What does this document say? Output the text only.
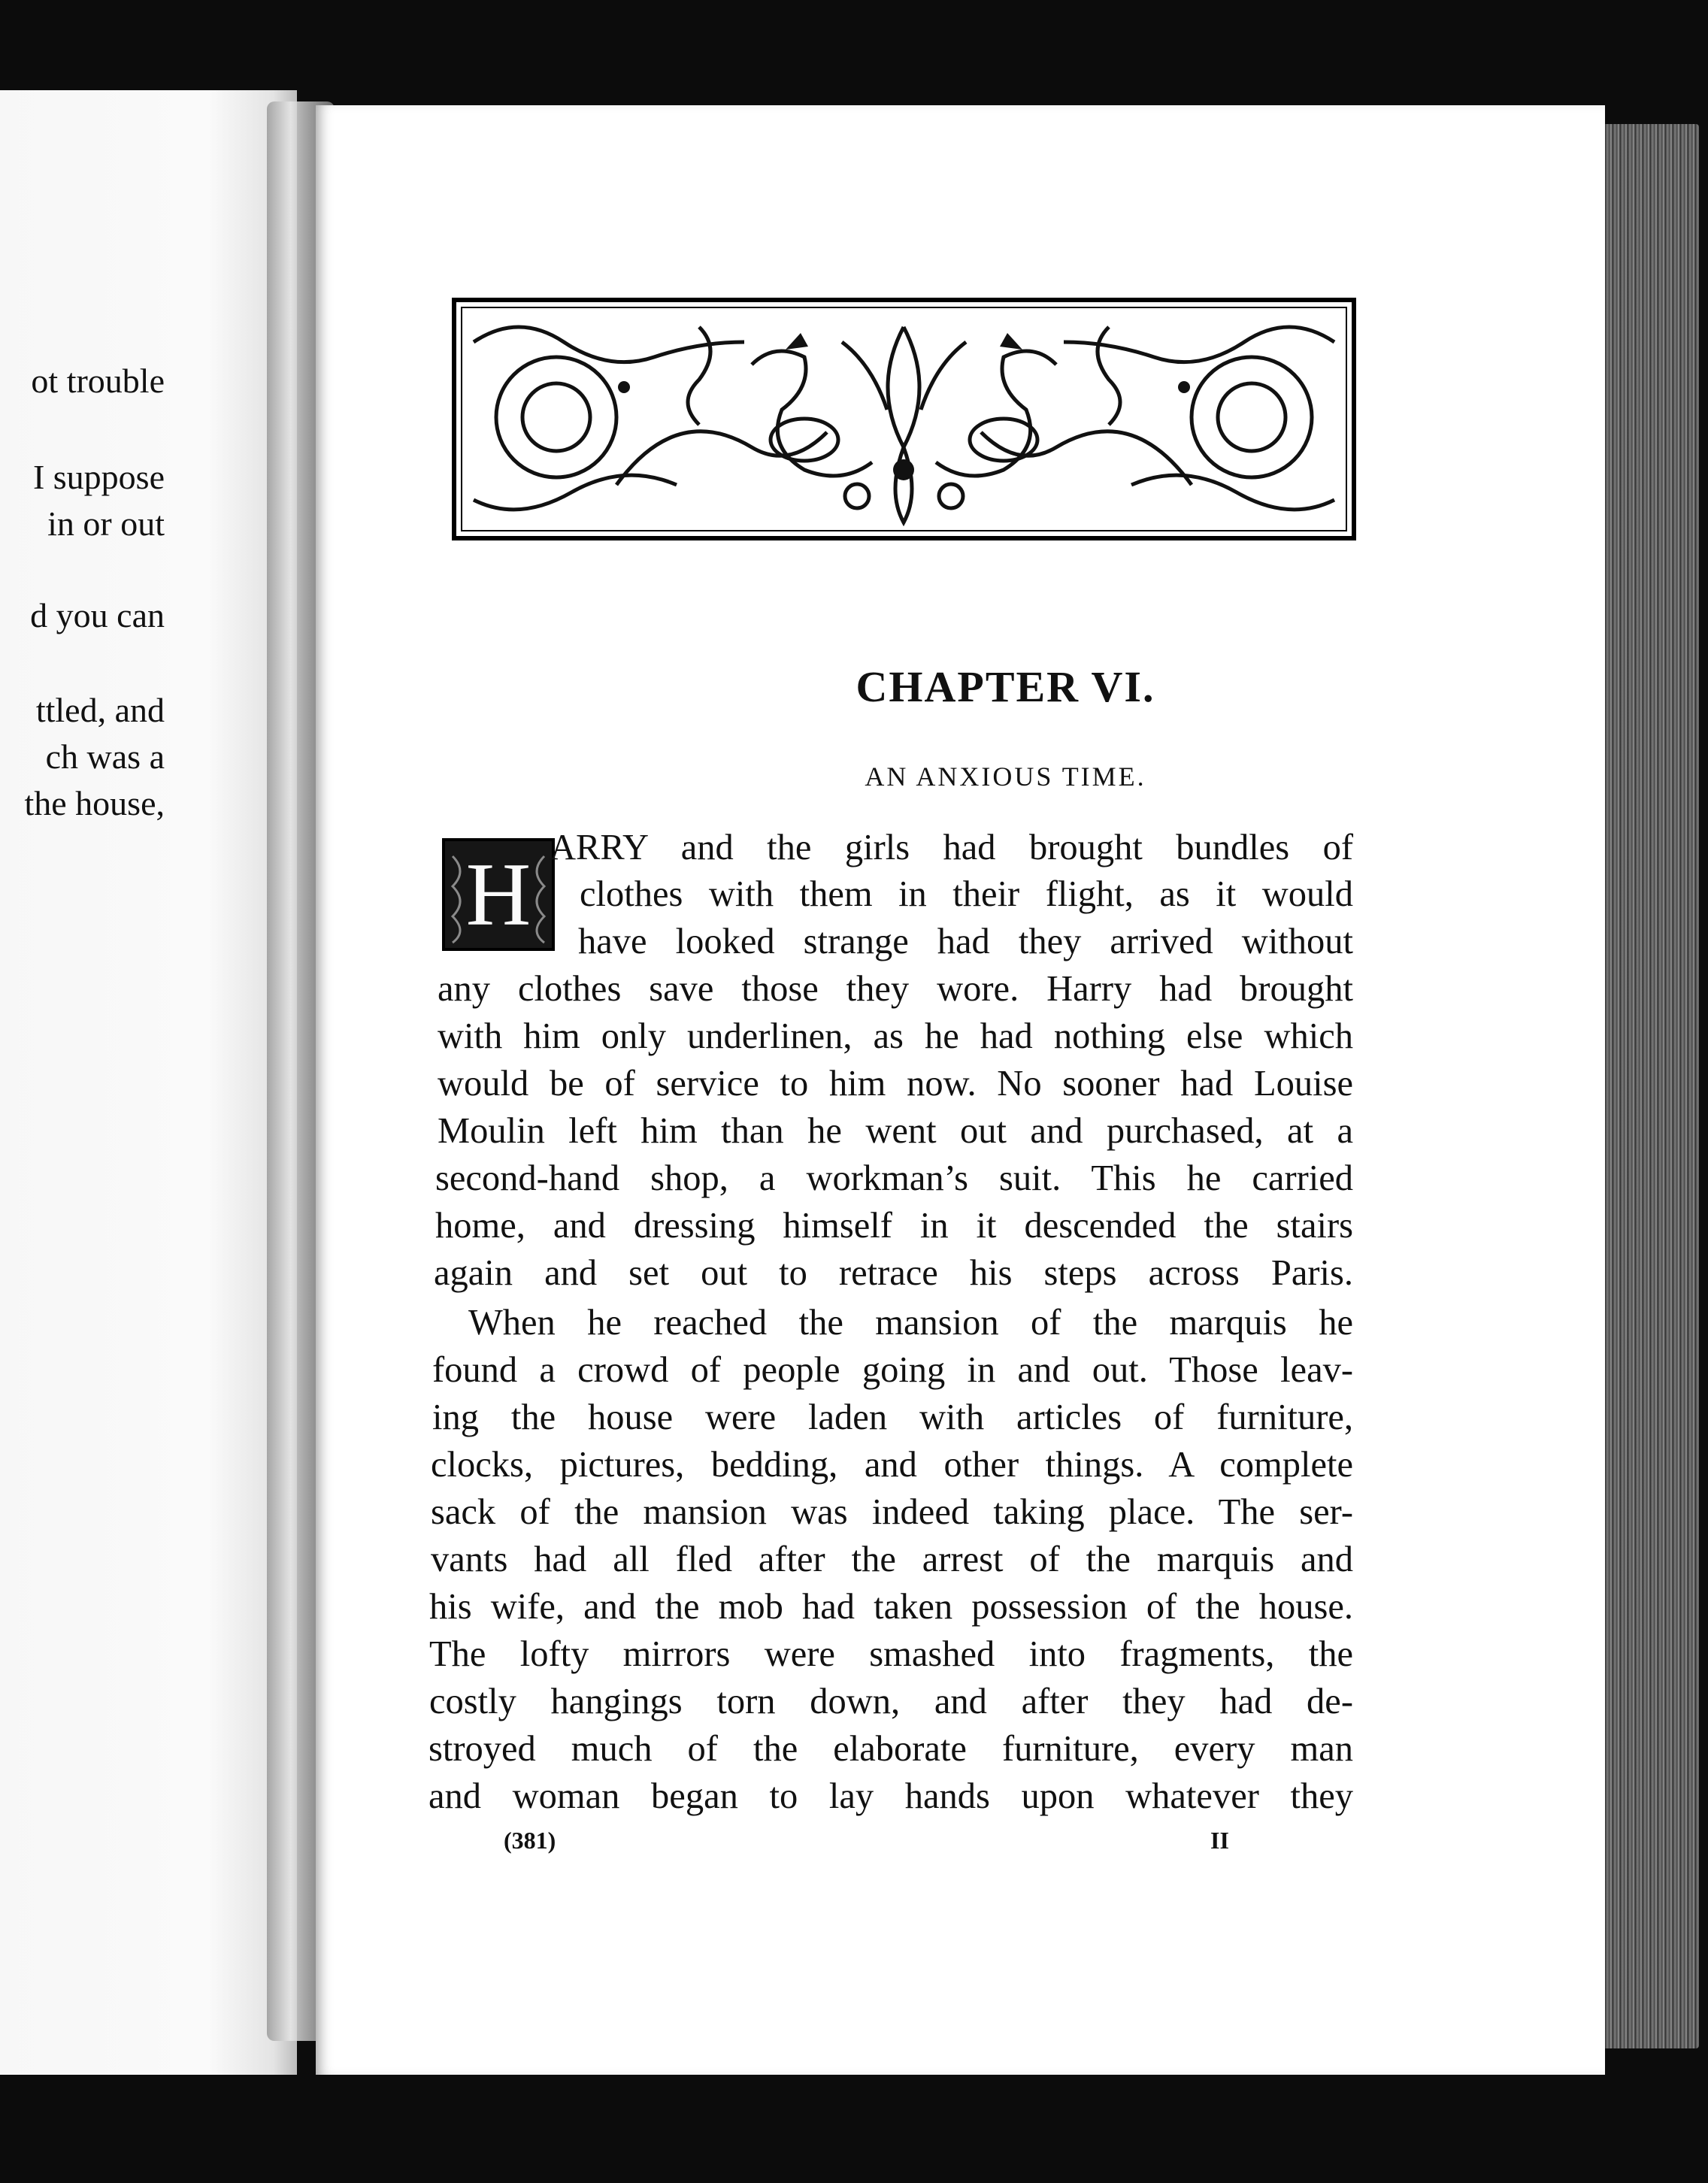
ot trouble
I suppose
in or out
d you can
ttled, and
ch was a
the house,
CHAPTER VI.

AN ANXIOUS TIME.

H ARRY and the girls had brought bundles of
clothes with them in their flight, as it would
have looked strange had they arrived without
any clothes save those they wore. Harry had brought
with him only underlinen, as he had nothing else which
would be of service to him now. No sooner had Louise
Moulin left him than he went out and purchased, at a
second-hand shop, a workman’s suit. This he carried
home, and dressing himself in it descended the stairs
again and set out to retrace his steps across Paris.
When he reached the mansion of the marquis he
found a crowd of people going in and out. Those leav-
ing the house were laden with articles of furniture,
clocks, pictures, bedding, and other things. A complete
sack of the mansion was indeed taking place. The ser-
vants had all fled after the arrest of the marquis and
his wife, and the mob had taken possession of the house.
The lofty mirrors were smashed into fragments, the
costly hangings torn down, and after they had de-
stroyed much of the elaborate furniture, every man
and woman began to lay hands upon whatever they
(381)	II
